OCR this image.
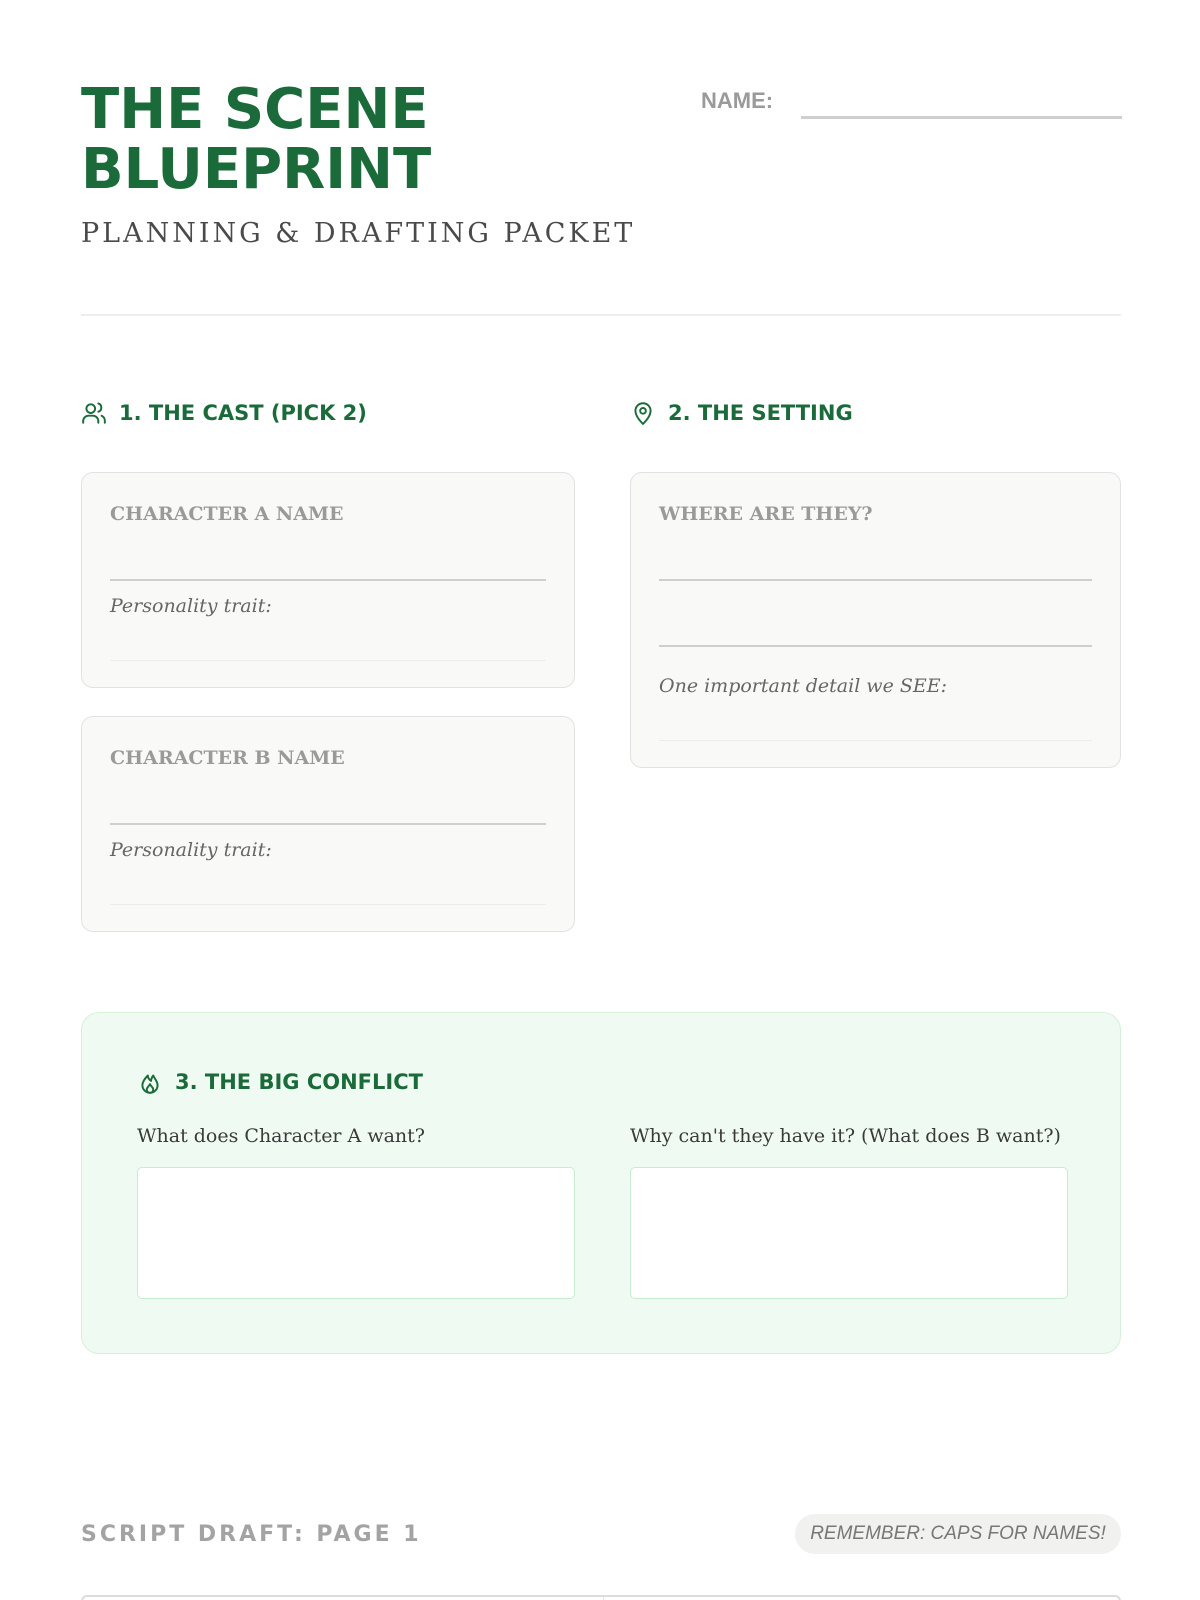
THE SCENE
BLUEPRINT
PLANNING & DRAFTING PACKET
NAME:
1. THE CAST (PICK 2)
CHARACTER A NAME
Personality trait:
CHARACTER B NAME
Personality trait:
2. THE SETTING
WHERE ARE THEY?
One important detail we SEE:
3. THE BIG CONFLICT
What does Character A want?	Why can't they have it? (What does B want?)
SCRIPT DRAFT: PAGE 1	REMEMBER: CAPS FOR NAMES!
